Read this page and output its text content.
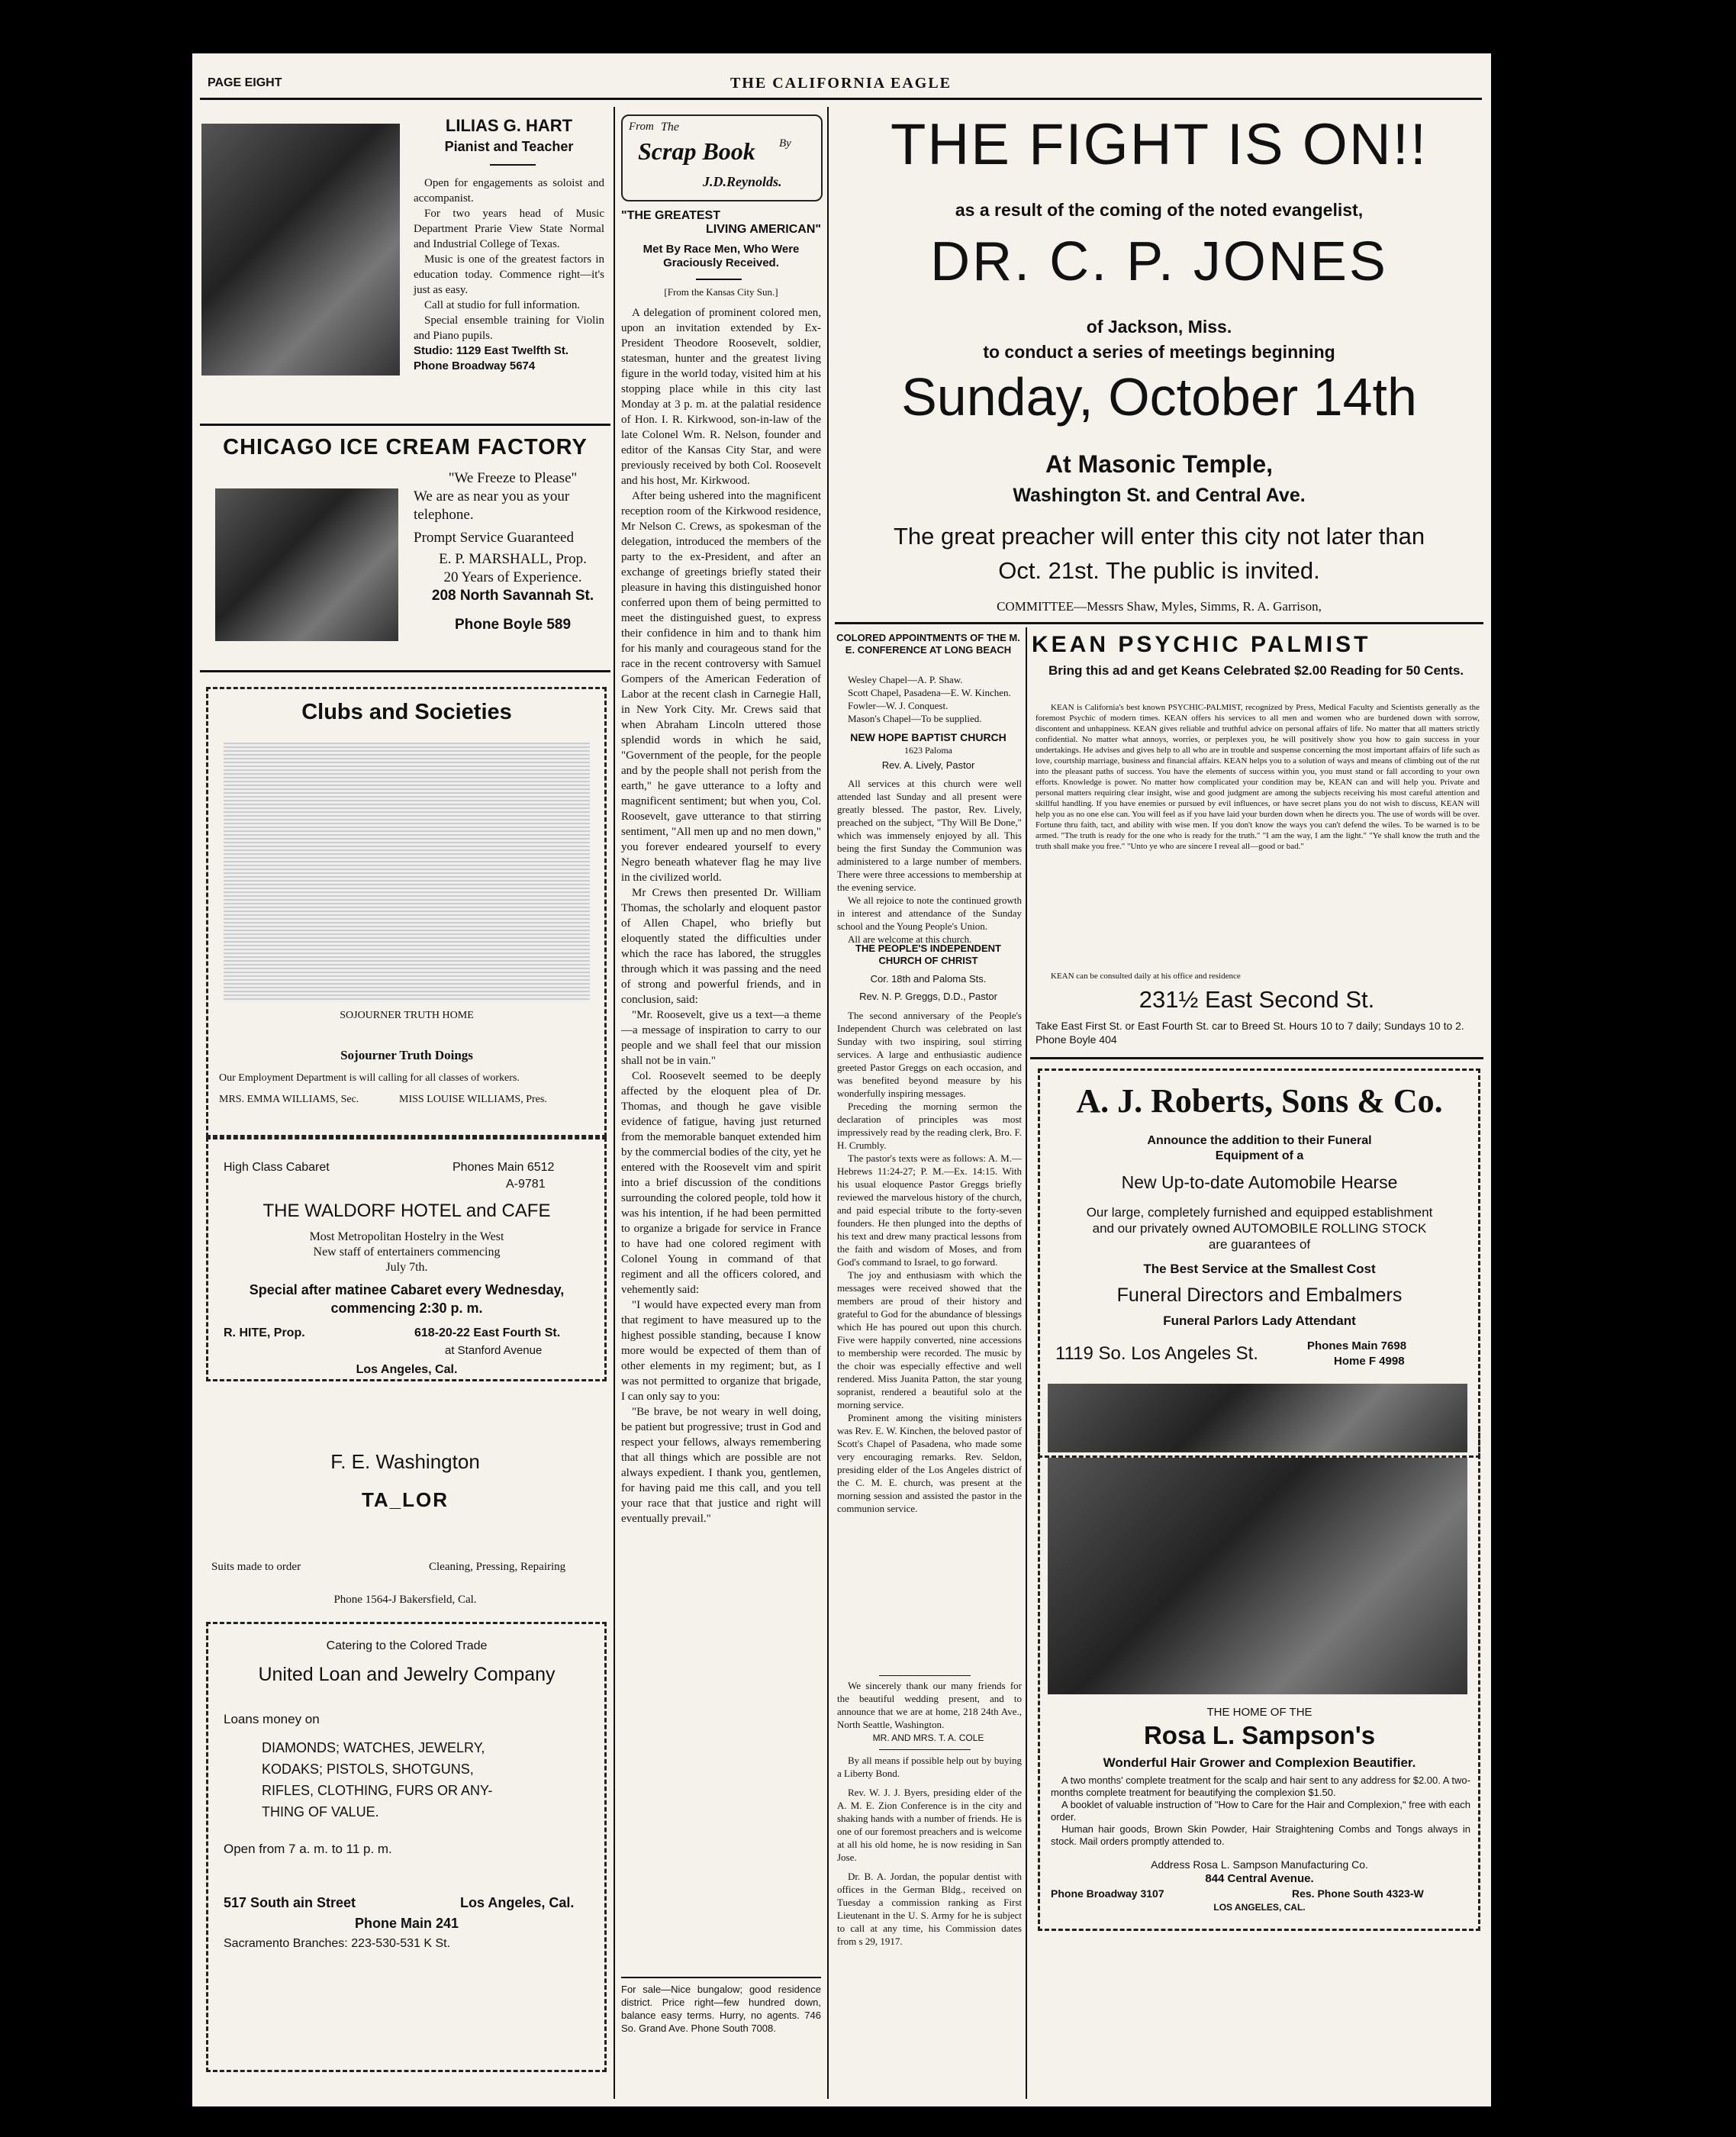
PAGE EIGHT	THE CALIFORNIA EAGLE
LILIAS G. HART
Pianist and Teacher

Open for engagements as soloist and accompanist.

For two years head of Music Department Prarie View State Normal and Industrial College of Texas.

Music is one of the greatest factors in education today. Commence right—it's just as easy.

Call at studio for full information.

Special ensemble training for Violin and Piano pupils.

Studio: 1129 East Twelfth St.

Phone Broadway 5674

CHICAGO ICE CREAM FACTORY

"We Freeze to Please"

We are as near you as your telephone.

Prompt Service Guaranteed

E. P. MARSHALL, Prop.

20 Years of Experience.

208 North Savannah St.

Phone Boyle 589

Clubs and Societies
SOJOURNER TRUTH HOME
Sojourner Truth Doings
Our Employment Department is will calling for all classes of workers.
MRS. EMMA WILLIAMS, Sec.	MISS LOUISE WILLIAMS, Pres.
High Class Cabaret	Phones Main 6512
A-9781
THE WALDORF HOTEL and CAFE

Most Metropolitan Hostelry in the West

New staff of entertainers commencing

July 7th.

Special after matinee Cabaret every Wednesday,

commencing 2:30 p. m.

R. HITE, Prop.	618-20-22 East Fourth St.
at Stanford Avenue
Los Angeles, Cal.
F. E. Washington
TA_LOR
Suits made to order	Cleaning, Pressing, Repairing
Phone 1564-J Bakersfield, Cal.
Catering to the Colored Trade
United Loan and Jewelry Company
Loans money on

DIAMONDS; WATCHES, JEWELRY,

KODAKS; PISTOLS, SHOTGUNS,

RIFLES, CLOTHING, FURS OR ANY-

THING OF VALUE.

Open from 7 a. m. to 11 p. m.
517 South ain Street	Los Angeles, Cal.
Phone Main 241
Sacramento Branches: 223-530-531 K St.
From The
Scrap Book By
J.D.Reynolds.

"THE GREATEST

LIVING AMERICAN"

Met By Race Men, Who Were Graciously Received.
[From the Kansas City Sun.]

A delegation of prominent colored men, upon an invitation extended by Ex-President Theodore Roosevelt, soldier, statesman, hunter and the greatest living figure in the world today, visited him at his stopping place while in this city last Monday at 3 p. m. at the palatial residence of Hon. I. R. Kirkwood, son-in-law of the late Colonel Wm. R. Nelson, founder and editor of the Kansas City Star, and were previously received by both Col. Roosevelt and his host, Mr. Kirkwood.

After being ushered into the magnificent reception room of the Kirkwood residence, Mr Nelson C. Crews, as spokesman of the delegation, introduced the members of the party to the ex-President, and after an exchange of greetings briefly stated their pleasure in having this distinguished honor conferred upon them of being permitted to meet the distinguished guest, to express their confidence in him and to thank him for his manly and courageous stand for the race in the recent controversy with Samuel Gompers of the American Federation of Labor at the recent clash in Carnegie Hall, in New York City. Mr. Crews said that when Abraham Lincoln uttered those splendid words in which he said, "Government of the people, for the people and by the people shall not perish from the earth," he gave utterance to a lofty and magnificent sentiment; but when you, Col. Roosevelt, gave utterance to that stirring sentiment, "All men up and no men down," you forever endeared yourself to every Negro beneath whatever flag he may live in the civilized world.

Mr Crews then presented Dr. William Thomas, the scholarly and eloquent pastor of Allen Chapel, who briefly but eloquently stated the difficulties under which the race has labored, the struggles through which it was passing and the need of strong and powerful friends, and in conclusion, said:

"Mr. Roosevelt, give us a text—a theme—a message of inspiration to carry to our people and we shall feel that our mission shall not be in vain."

Col. Roosevelt seemed to be deeply affected by the eloquent plea of Dr. Thomas, and though he gave visible evidence of fatigue, having just returned from the memorable banquet extended him by the commercial bodies of the city, yet he entered with the Roosevelt vim and spirit into a brief discussion of the conditions surrounding the colored people, told how it was his intention, if he had been permitted to organize a brigade for service in France to have had one colored regiment with Colonel Young in command of that regiment and all the officers colored, and vehemently said:

"I would have expected every man from that regiment to have measured up to the highest possible standing, because I know more would be expected of them than of other elements in my regiment; but, as I was not permitted to organize that brigade, I can only say to you:

"Be brave, be not weary in well doing, be patient but progressive; trust in God and respect your fellows, always remembering that all things which are possible are not always expedient. I thank you, gentlemen, for having paid me this call, and you tell your race that that justice and right will eventually prevail."

For sale—Nice bungalow; good residence district. Price right—few hundred down, balance easy terms. Hurry, no agents. 746 So. Grand Ave. Phone South 7008.
THE FIGHT IS ON!!
as a result of the coming of the noted evangelist,
DR. C. P. JONES
of Jackson, Miss.
to conduct a series of meetings beginning
Sunday, October 14th
At Masonic Temple,
Washington St. and Central Ave.
The great preacher will enter this city not later than
Oct. 21st. The public is invited.
COMMITTEE—Messrs Shaw, Myles, Simms, R. A. Garrison,
COLORED APPOINTMENTS OF THE M. E. CONFERENCE AT LONG BEACH

Wesley Chapel—A. P. Shaw.

Scott Chapel, Pasadena—E. W. Kinchen.

Fowler—W. J. Conquest.

Mason's Chapel—To be supplied.

NEW HOPE BAPTIST CHURCH
1623 Paloma
Rev. A. Lively, Pastor

All services at this church were well attended last Sunday and all present were greatly blessed. The pastor, Rev. Lively, preached on the subject, "Thy Will Be Done," which was immensely enjoyed by all. This being the first Sunday the Communion was administered to a large number of members. There were three accessions to membership at the evening service.

We all rejoice to note the continued growth in interest and attendance of the Sunday school and the Young People's Union.

All are welcome at this church.

THE PEOPLE'S INDEPENDENT CHURCH OF CHRIST
Cor. 18th and Paloma Sts.
Rev. N. P. Greggs, D.D., Pastor

The second anniversary of the People's Independent Church was celebrated on last Sunday with two inspiring, soul stirring services. A large and enthusiastic audience greeted Pastor Greggs on each occasion, and was benefited beyond measure by his wonderfully inspiring messages.

Preceding the morning sermon the declaration of principles was most impressively read by the reading clerk, Bro. F. H. Crumbly.

The pastor's texts were as follows: A. M.—Hebrews 11:24-27; P. M.—Ex. 14:15. With his usual eloquence Pastor Greggs briefly reviewed the marvelous history of the church, and paid especial tribute to the forty-seven founders. He then plunged into the depths of his text and drew many practical lessons from the faith and wisdom of Moses, and from God's command to Israel, to go forward.

The joy and enthusiasm with which the messages were received showed that the members are proud of their history and grateful to God for the abundance of blessings which He has poured out upon this church. Five were happily converted, nine accessions to membership were recorded. The music by the choir was especially effective and well rendered. Miss Juanita Patton, the star young sopranist, rendered a beautiful solo at the morning service.

Prominent among the visiting ministers was Rev. E. W. Kinchen, the beloved pastor of Scott's Chapel of Pasadena, who made some very encouraging remarks. Rev. Seldon, presiding elder of the Los Angeles district of the C. M. E. church, was present at the morning session and assisted the pastor in the communion service.

We sincerely thank our many friends for the beautiful wedding present, and to announce that we are at home, 218 24th Ave., North Seattle, Washington.

MR. AND MRS. T. A. COLE

By all means if possible help out by buying a Liberty Bond.

Rev. W. J. J. Byers, presiding elder of the A. M. E. Zion Conference is in the city and shaking hands with a number of friends. He is one of our foremost preachers and is welcome at all his old home, he is now residing in San Jose.

Dr. B. A. Jordan, the popular dentist with offices in the German Bldg., received on Tuesday a commission ranking as First Lieutenant in the U. S. Army for he is subject to call at any time, his Commission dates from s 29, 1917.

KEAN PSYCHIC PALMIST
Bring this ad and get Keans Celebrated $2.00 Reading for 50 Cents.
KEAN is California's best known PSYCHIC-PALMIST, recognized by Press, Medical Faculty and Scientists generally as the foremost Psychic of modern times. KEAN offers his services to all men and women who are burdened down with sorrow, discontent and unhappiness. KEAN gives reliable and truthful advice on personal affairs of life. No matter that all matters strictly confidential. No matter what annoys, worries, or perplexes you, he will positively show you how to gain success in your undertakings. He advises and gives help to all who are in trouble and suspense concerning the most important affairs of life such as love, courtship marriage, business and financial affairs. KEAN helps you to a solution of ways and means of climbing out of the rut into the pleasant paths of success. You have the elements of success within you, you must stand or fall according to your own efforts. Knowledge is power. No matter how complicated your condition may be, KEAN can and will help you. Private and personal matters requiring clear insight, wise and good judgment are among the subjects receiving his most careful attention and skillful handling. If you have enemies or pursued by evil influences, or have secret plans you do not wish to discuss, KEAN will help you as no one else can. You will feel as if you have laid your burden down when he directs you. The use of words will be over. Fortune thru faith, tact, and ability with wise men. If you don't know the ways you can't defend the wiles. To be warned is to be armed. "The truth is ready for the one who is ready for the truth." "I am the way, I am the light." "Ye shall know the truth and the truth shall make you free." "Unto ye who are sincere I reveal all—good or bad."
KEAN can be consulted daily at his office and residence
231½ East Second St.
Take East First St. or East Fourth St. car to Breed St. Hours 10 to 7 daily; Sundays 10 to 2. Phone Boyle 404
A. J. Roberts, Sons & Co.

Announce the addition to their Funeral

Equipment of a

New Up-to-date Automobile Hearse

Our large, completely furnished and equipped establishment

and our privately owned AUTOMOBILE ROLLING STOCK

are guarantees of

The Best Service at the Smallest Cost
Funeral Directors and Embalmers
Funeral Parlors Lady Attendant
1119 So. Los Angeles St.	Phones Main 7698
Home F 4998
THE HOME OF THE
Rosa L. Sampson's
Wonderful Hair Grower and Complexion Beautifier.

A two months' complete treatment for the scalp and hair sent to any address for $2.00. A two-months complete treatment for beautifying the complexion $1.50.

A booklet of valuable instruction of "How to Care for the Hair and Complexion," free with each order.

Human hair goods, Brown Skin Powder, Hair Straightening Combs and Tongs always in stock. Mail orders promptly attended to.

Address Rosa L. Sampson Manufacturing Co.
844 Central Avenue.
Phone Broadway 3107	Res. Phone South 4323-W
LOS ANGELES, CAL.
